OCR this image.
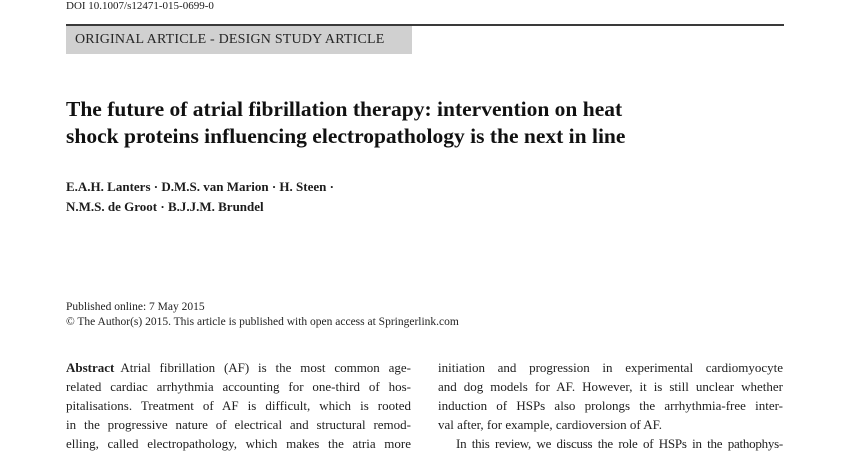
DOI 10.1007/s12471-015-0699-0
ORIGINAL ARTICLE - DESIGN STUDY ARTICLE
The future of atrial fibrillation therapy: intervention on heat
shock proteins influencing electropathology is the next in line
E.A.H. Lanters · D.M.S. van Marion · H. Steen ·
N.M.S. de Groot · B.J.J.M. Brundel
Published online: 7 May 2015
© The Author(s) 2015. This article is published with open access at Springerlink.com
Abstract Atrial fibrillation (AF) is the most common age-
related cardiac arrhythmia accounting for one-third of hos-
pitalisations. Treatment of AF is difficult, which is rooted
in the progressive nature of electrical and structural remod-
elling, called electropathology, which makes the atria more
initiation and progression in experimental cardiomyocyte
and dog models for AF. However, it is still unclear whether
induction of HSPs also prolongs the arrhythmia-free inter-
val after, for example, cardioversion of AF.
In this review, we discuss the role of HSPs in the pathophys-
